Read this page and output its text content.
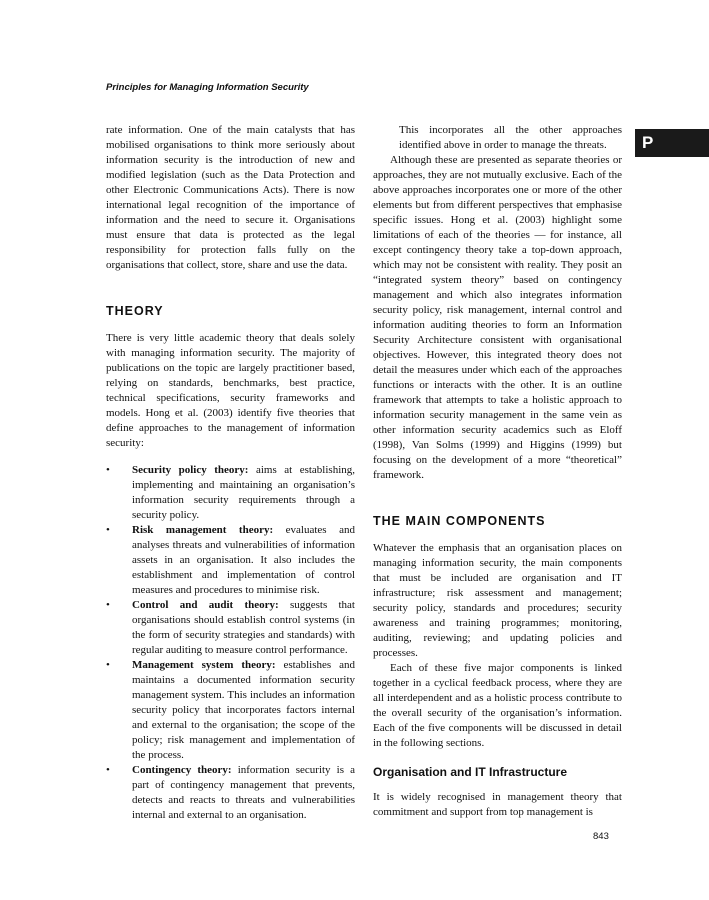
Principles for Managing Information Security
P

rate information. One of the main catalysts that has mobilised organisations to think more seriously about information security is the introduction of new and modified legislation (such as the Data Protection and other Electronic Communications Acts). There is now international legal recognition of the importance of information and the need to secure it. Organisations must ensure that data is protected as the legal responsibility for protection falls fully on the organisations that collect, store, share and use the data.

THEORY

There is very little academic theory that deals solely with managing information security. The majority of publications on the topic are largely practitioner based, relying on standards, benchmarks, best practice, technical specifications, security frameworks and models. Hong et al. (2003) identify five theories that define approaches to the management of information security:

• Security policy theory: aims at establishing, implementing and maintaining an organisation’s information security requirements through a security policy.
• Risk management theory: evaluates and analyses threats and vulnerabilities of information assets in an organisation. It also includes the establishment and implementation of control measures and procedures to minimise risk.
• Control and audit theory: suggests that organisations should establish control systems (in the form of security strategies and standards) with regular auditing to measure control performance.
• Management system theory: establishes and maintains a documented information security management system. This includes an information security policy that incorporates factors internal and external to the organisation; the scope of the policy; risk management and implementation of the process.
• Contingency theory: information security is a part of contingency management that prevents, detects and reacts to threats and vulnerabilities internal and external to an organisation.

This incorporates all the other approaches identified above in order to manage the threats.

Although these are presented as separate theories or approaches, they are not mutually exclusive. Each of the above approaches incorporates one or more of the other elements but from different perspectives that emphasise specific issues. Hong et al. (2003) highlight some limitations of each of the theories — for instance, all except contingency theory take a top-down approach, which may not be consistent with reality. They posit an “integrated system theory” based on contingency management and which also integrates information security policy, risk management, internal control and information auditing theories to form an Information Security Architecture consistent with organisational objectives. However, this integrated theory does not detail the measures under which each of the approaches functions or interacts with the other. It is an outline framework that attempts to take a holistic approach to information security management in the same vein as other information security academics such as Eloff (1998), Van Solms (1999) and Higgins (1999) but focusing on the development of a more “theoretical” framework.

THE MAIN COMPONENTS

Whatever the emphasis that an organisation places on managing information security, the main components that must be included are organisation and IT infrastructure; risk assessment and management; security policy, standards and procedures; security awareness and training programmes; monitoring, auditing, reviewing; and updating policies and processes.

Each of these five major components is linked together in a cyclical feedback process, where they are all interdependent and as a holistic process contribute to the overall security of the organisation’s information. Each of the five components will be discussed in detail in the following sections.

Organisation and IT Infrastructure

It is widely recognised in management theory that commitment and support from top management is

843
